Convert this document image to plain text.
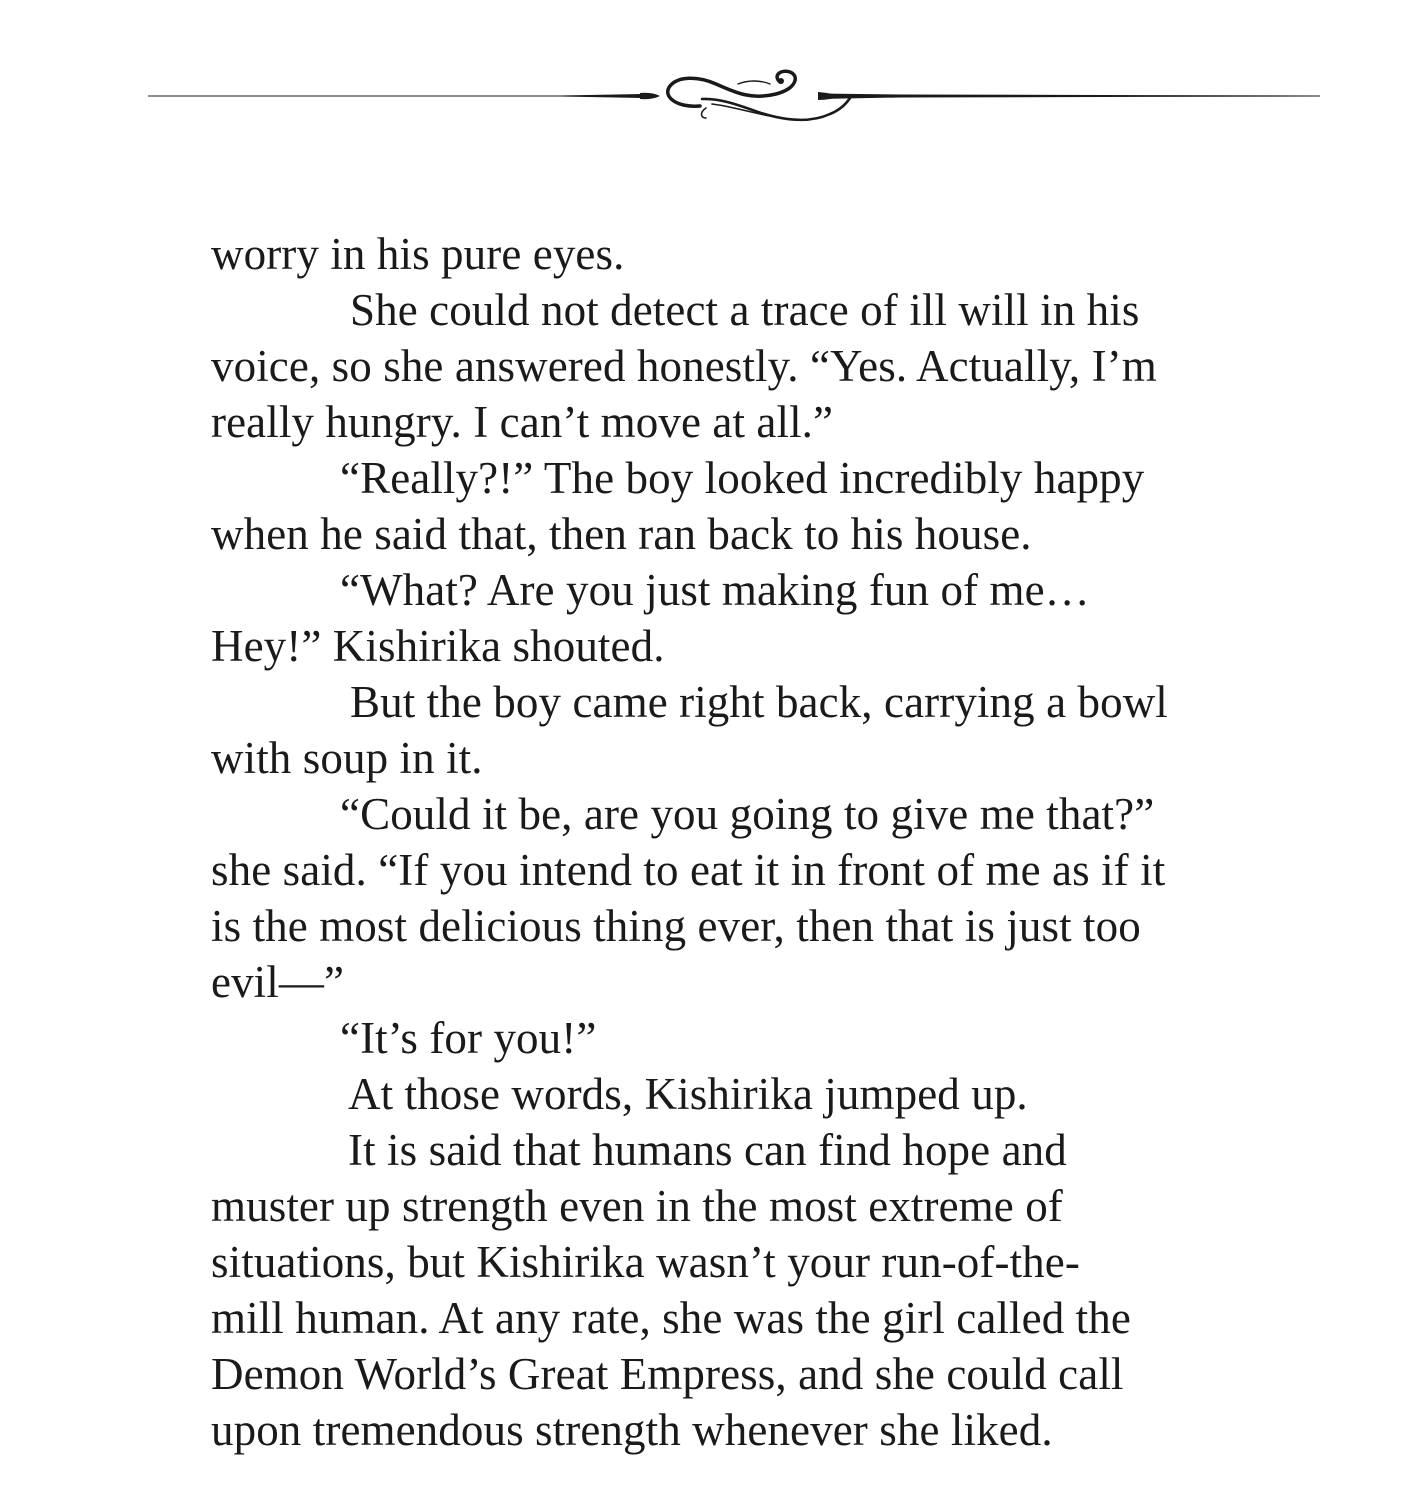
worry in his pure eyes.
She could not detect a trace of ill will in his
voice, so she answered honestly. “Yes. Actually, I’m
really hungry. I can’t move at all.”
“Really?!” The boy looked incredibly happy
when he said that, then ran back to his house.
“What? Are you just making fun of me…
Hey!” Kishirika shouted.
But the boy came right back, carrying a bowl
with soup in it.
“Could it be, are you going to give me that?”
she said. “If you intend to eat it in front of me as if it
is the most delicious thing ever, then that is just too
evil—”
“It’s for you!”
At those words, Kishirika jumped up.
It is said that humans can find hope and
muster up strength even in the most extreme of
situations, but Kishirika wasn’t your run-of-the-
mill human. At any rate, she was the girl called the
Demon World’s Great Empress, and she could call
upon tremendous strength whenever she liked.
